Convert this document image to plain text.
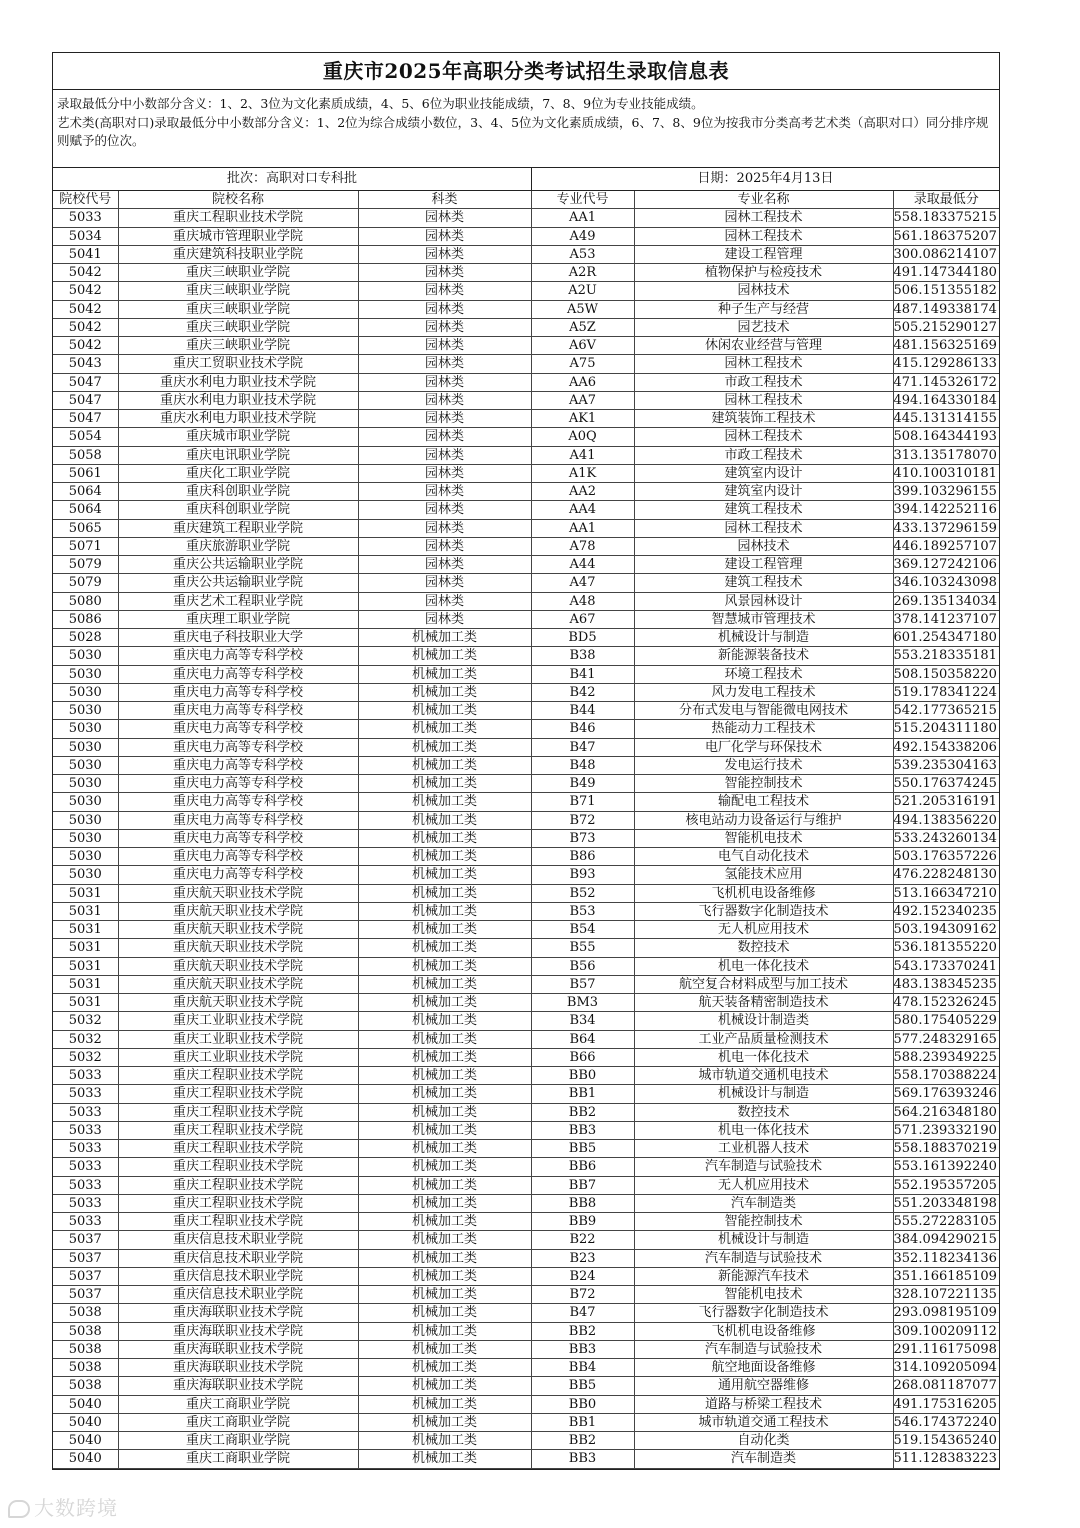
重庆市2025年高职分类考试招生录取信息表
录取最低分中小数部分含义：1、2、3位为文化素质成绩，4、5、6位为职业技能成绩，7、8、9位为专业技能成绩。
艺术类(高职对口)录取最低分中小数部分含义：1、2位为综合成绩小数位，3、4、5位为文化素质成绩，6、7、8、9位为按我市分类高考艺术类（高职对口）同分排序规则赋予的位次。
批次：高职对口专科批	日期：2025年4月13日
院校代号	院校名称	科类	专业代号	专业名称	录取最低分
5033	重庆工程职业技术学院	园林类	AA1	园林工程技术	558.183375215
5034	重庆城市管理职业学院	园林类	A49	园林工程技术	561.186375207
5041	重庆建筑科技职业学院	园林类	A53	建设工程管理	300.086214107
5042	重庆三峡职业学院	园林类	A2R	植物保护与检疫技术	491.147344180
5042	重庆三峡职业学院	园林类	A2U	园林技术	506.151355182
5042	重庆三峡职业学院	园林类	A5W	种子生产与经营	487.149338174
5042	重庆三峡职业学院	园林类	A5Z	园艺技术	505.215290127
5042	重庆三峡职业学院	园林类	A6V	休闲农业经营与管理	481.156325169
5043	重庆工贸职业技术学院	园林类	A75	园林工程技术	415.129286133
5047	重庆水利电力职业技术学院	园林类	AA6	市政工程技术	471.145326172
5047	重庆水利电力职业技术学院	园林类	AA7	园林工程技术	494.164330184
5047	重庆水利电力职业技术学院	园林类	AK1	建筑装饰工程技术	445.131314155
5054	重庆城市职业学院	园林类	A0Q	园林工程技术	508.164344193
5058	重庆电讯职业学院	园林类	A41	市政工程技术	313.135178070
5061	重庆化工职业学院	园林类	A1K	建筑室内设计	410.100310181
5064	重庆科创职业学院	园林类	AA2	建筑室内设计	399.103296155
5064	重庆科创职业学院	园林类	AA4	建筑工程技术	394.142252116
5065	重庆建筑工程职业学院	园林类	AA1	园林工程技术	433.137296159
5071	重庆旅游职业学院	园林类	A78	园林技术	446.189257107
5079	重庆公共运输职业学院	园林类	A44	建设工程管理	369.127242106
5079	重庆公共运输职业学院	园林类	A47	建筑工程技术	346.103243098
5080	重庆艺术工程职业学院	园林类	A48	风景园林设计	269.135134034
5086	重庆理工职业学院	园林类	A67	智慧城市管理技术	378.141237107
5028	重庆电子科技职业大学	机械加工类	BD5	机械设计与制造	601.254347180
5030	重庆电力高等专科学校	机械加工类	B38	新能源装备技术	553.218335181
5030	重庆电力高等专科学校	机械加工类	B41	环境工程技术	508.150358220
5030	重庆电力高等专科学校	机械加工类	B42	风力发电工程技术	519.178341224
5030	重庆电力高等专科学校	机械加工类	B44	分布式发电与智能微电网技术	542.177365215
5030	重庆电力高等专科学校	机械加工类	B46	热能动力工程技术	515.204311180
5030	重庆电力高等专科学校	机械加工类	B47	电厂化学与环保技术	492.154338206
5030	重庆电力高等专科学校	机械加工类	B48	发电运行技术	539.235304163
5030	重庆电力高等专科学校	机械加工类	B49	智能控制技术	550.176374245
5030	重庆电力高等专科学校	机械加工类	B71	输配电工程技术	521.205316191
5030	重庆电力高等专科学校	机械加工类	B72	核电站动力设备运行与维护	494.138356220
5030	重庆电力高等专科学校	机械加工类	B73	智能机电技术	533.243260134
5030	重庆电力高等专科学校	机械加工类	B86	电气自动化技术	503.176357226
5030	重庆电力高等专科学校	机械加工类	B93	氢能技术应用	476.228248130
5031	重庆航天职业技术学院	机械加工类	B52	飞机机电设备维修	513.166347210
5031	重庆航天职业技术学院	机械加工类	B53	飞行器数字化制造技术	492.152340235
5031	重庆航天职业技术学院	机械加工类	B54	无人机应用技术	503.194309162
5031	重庆航天职业技术学院	机械加工类	B55	数控技术	536.181355220
5031	重庆航天职业技术学院	机械加工类	B56	机电一体化技术	543.173370241
5031	重庆航天职业技术学院	机械加工类	B57	航空复合材料成型与加工技术	483.138345235
5031	重庆航天职业技术学院	机械加工类	BM3	航天装备精密制造技术	478.152326245
5032	重庆工业职业技术学院	机械加工类	B34	机械设计制造类	580.175405229
5032	重庆工业职业技术学院	机械加工类	B64	工业产品质量检测技术	577.248329165
5032	重庆工业职业技术学院	机械加工类	B66	机电一体化技术	588.239349225
5033	重庆工程职业技术学院	机械加工类	BB0	城市轨道交通机电技术	558.170388224
5033	重庆工程职业技术学院	机械加工类	BB1	机械设计与制造	569.176393246
5033	重庆工程职业技术学院	机械加工类	BB2	数控技术	564.216348180
5033	重庆工程职业技术学院	机械加工类	BB3	机电一体化技术	571.239332190
5033	重庆工程职业技术学院	机械加工类	BB5	工业机器人技术	558.188370219
5033	重庆工程职业技术学院	机械加工类	BB6	汽车制造与试验技术	553.161392240
5033	重庆工程职业技术学院	机械加工类	BB7	无人机应用技术	552.195357205
5033	重庆工程职业技术学院	机械加工类	BB8	汽车制造类	551.203348198
5033	重庆工程职业技术学院	机械加工类	BB9	智能控制技术	555.272283105
5037	重庆信息技术职业学院	机械加工类	B22	机械设计与制造	384.094290215
5037	重庆信息技术职业学院	机械加工类	B23	汽车制造与试验技术	352.118234136
5037	重庆信息技术职业学院	机械加工类	B24	新能源汽车技术	351.166185109
5037	重庆信息技术职业学院	机械加工类	B72	智能机电技术	328.107221135
5038	重庆海联职业技术学院	机械加工类	B47	飞行器数字化制造技术	293.098195109
5038	重庆海联职业技术学院	机械加工类	BB2	飞机机电设备维修	309.100209112
5038	重庆海联职业技术学院	机械加工类	BB3	汽车制造与试验技术	291.116175098
5038	重庆海联职业技术学院	机械加工类	BB4	航空地面设备维修	314.109205094
5038	重庆海联职业技术学院	机械加工类	BB5	通用航空器维修	268.081187077
5040	重庆工商职业学院	机械加工类	BB0	道路与桥梁工程技术	491.175316205
5040	重庆工商职业学院	机械加工类	BB1	城市轨道交通工程技术	546.174372240
5040	重庆工商职业学院	机械加工类	BB2	自动化类	519.154365240
5040	重庆工商职业学院	机械加工类	BB3	汽车制造类	511.128383223
大数跨境
